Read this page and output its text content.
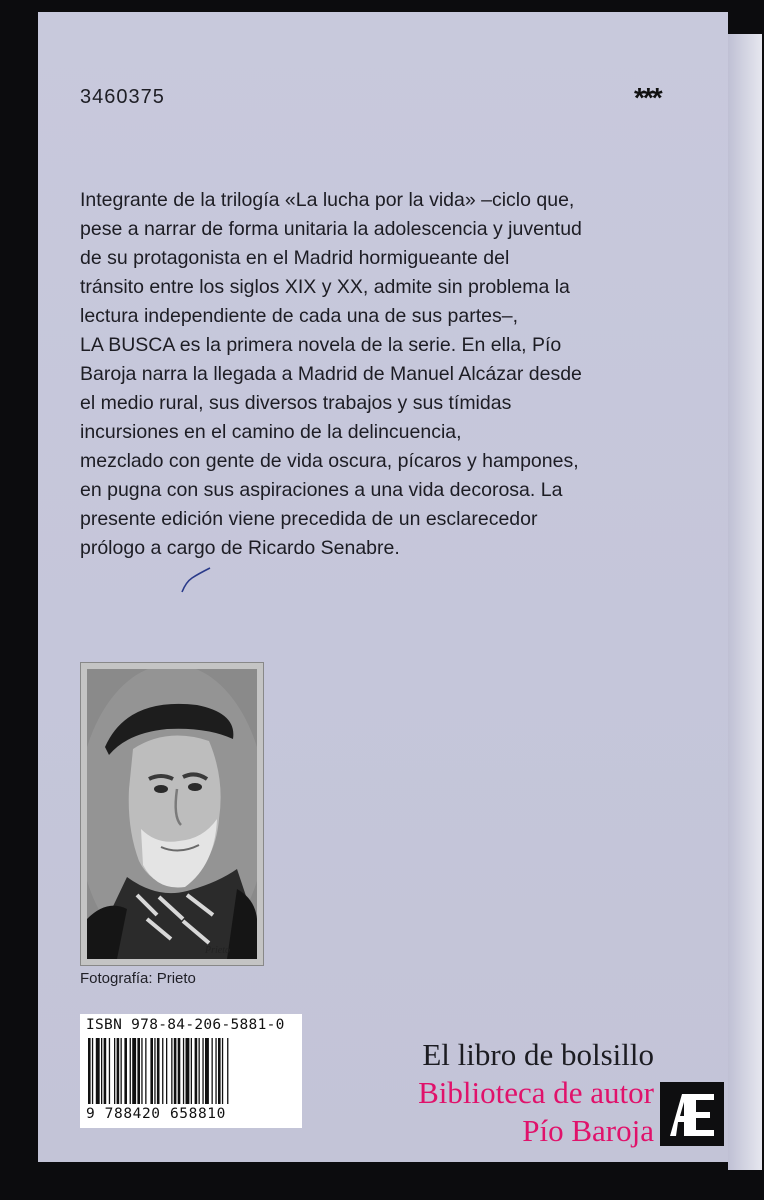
3460375	***
Integrante de la trilogía «La lucha por la vida» –ciclo que,
pese a narrar de forma unitaria la adolescencia y juventud
de su protagonista en el Madrid hormigueante del
tránsito entre los siglos XIX y XX, admite sin problema la
lectura independiente de cada una de sus partes–,
LA BUSCA es la primera novela de la serie. En ella, Pío
Baroja narra la llegada a Madrid de Manuel Alcázar desde
el medio rural, sus diversos trabajos y sus tímidas
incursiones en el camino de la delincuencia,
mezclado con gente de vida oscura, pícaros y hampones,
en pugna con sus aspiraciones a una vida decorosa. La
presente edición viene precedida de un esclarecedor
prólogo a cargo de Ricardo Senabre.
Prieto
Fotografía: Prieto
ISBN 978-84-206-5881-0
9 788420 658810
El libro de bolsillo
Biblioteca de autor
Pío Baroja
